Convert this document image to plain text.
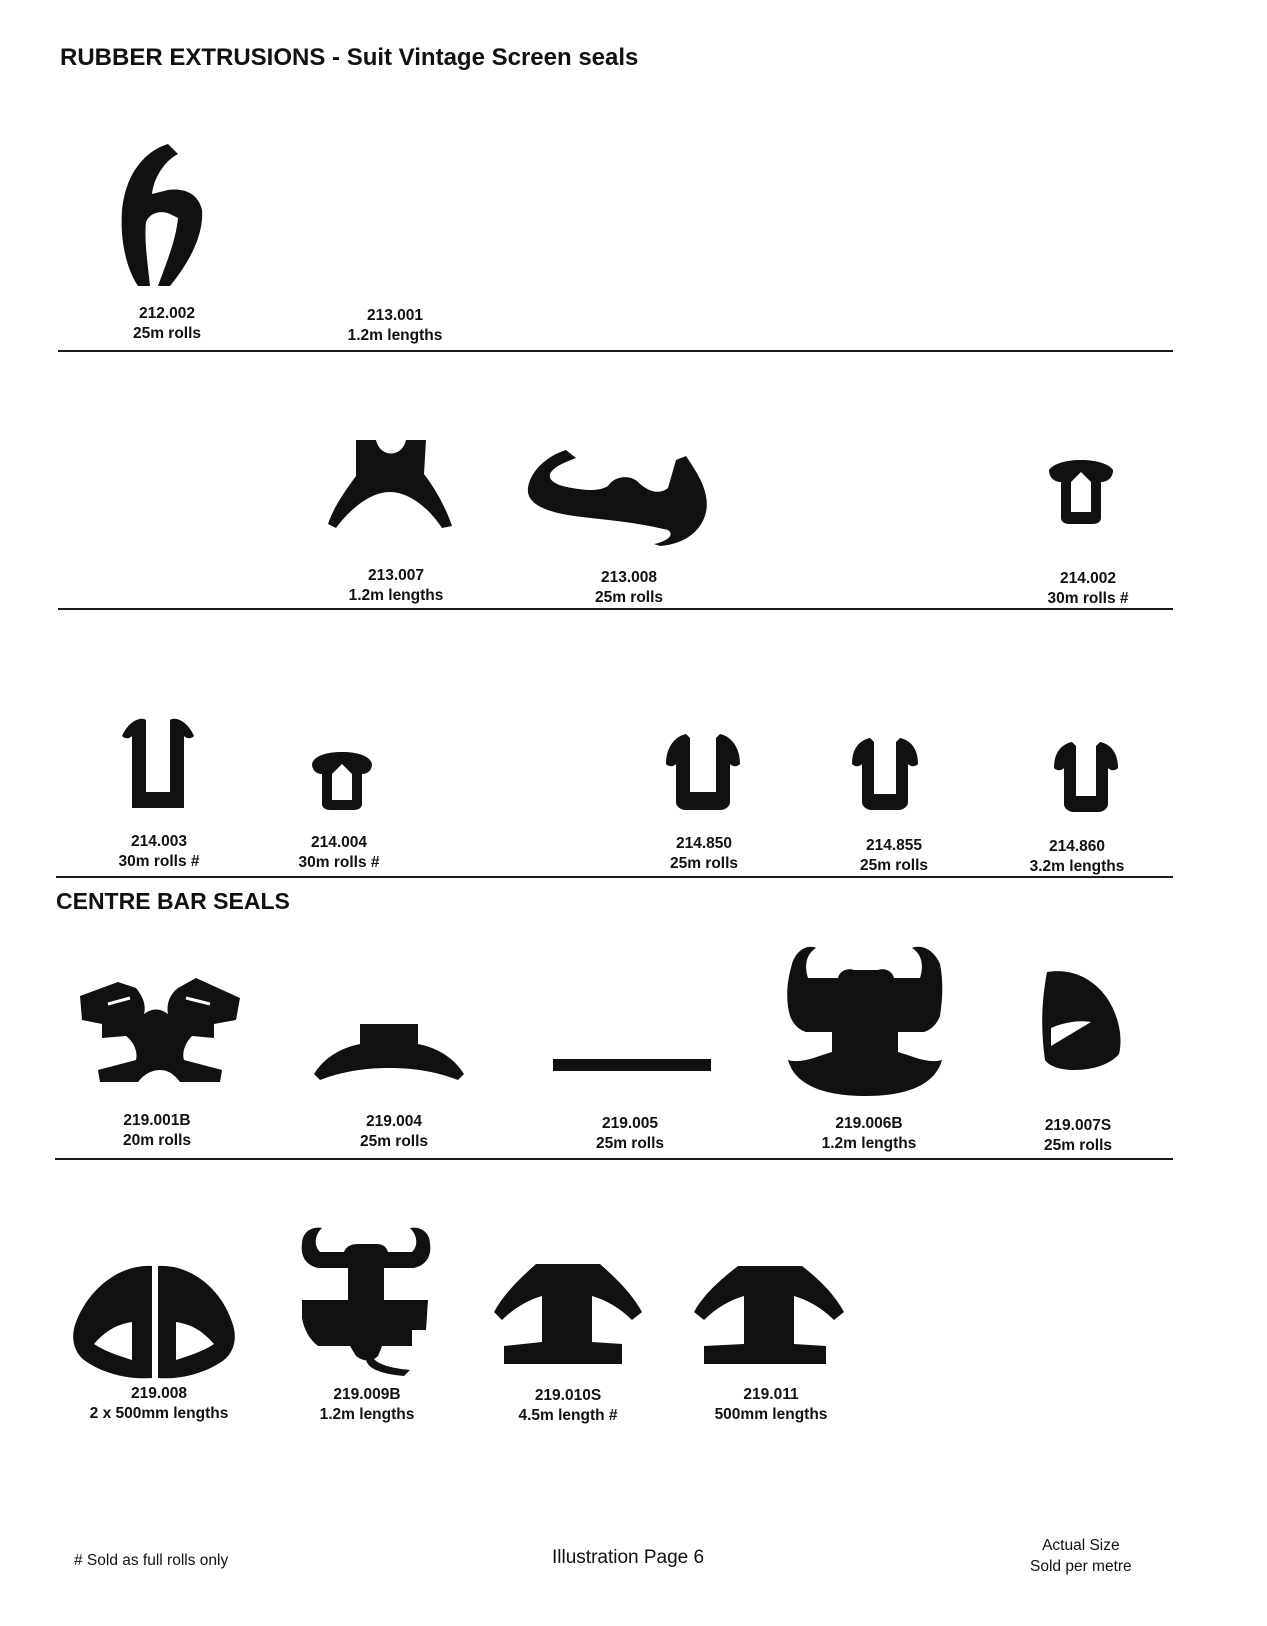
RUBBER EXTRUSIONS - Suit Vintage Screen seals
212.002
25m rolls
213.001
1.2m lengths
213.007
1.2m lengths
213.008
25m rolls
214.002
30m rolls #
214.003
30m rolls #
214.004
30m rolls #
214.850
25m rolls
214.855
25m rolls
214.860
3.2m lengths
CENTRE BAR SEALS
219.001B
20m rolls
219.004
25m rolls
219.005
25m rolls
219.006B
1.2m lengths
219.007S
25m rolls
219.008
2 x 500mm lengths
219.009B
1.2m lengths
219.010S
4.5m length #
219.011
500mm lengths
# Sold as full rolls only	Illustration Page 6
Actual Size
Sold per metre
